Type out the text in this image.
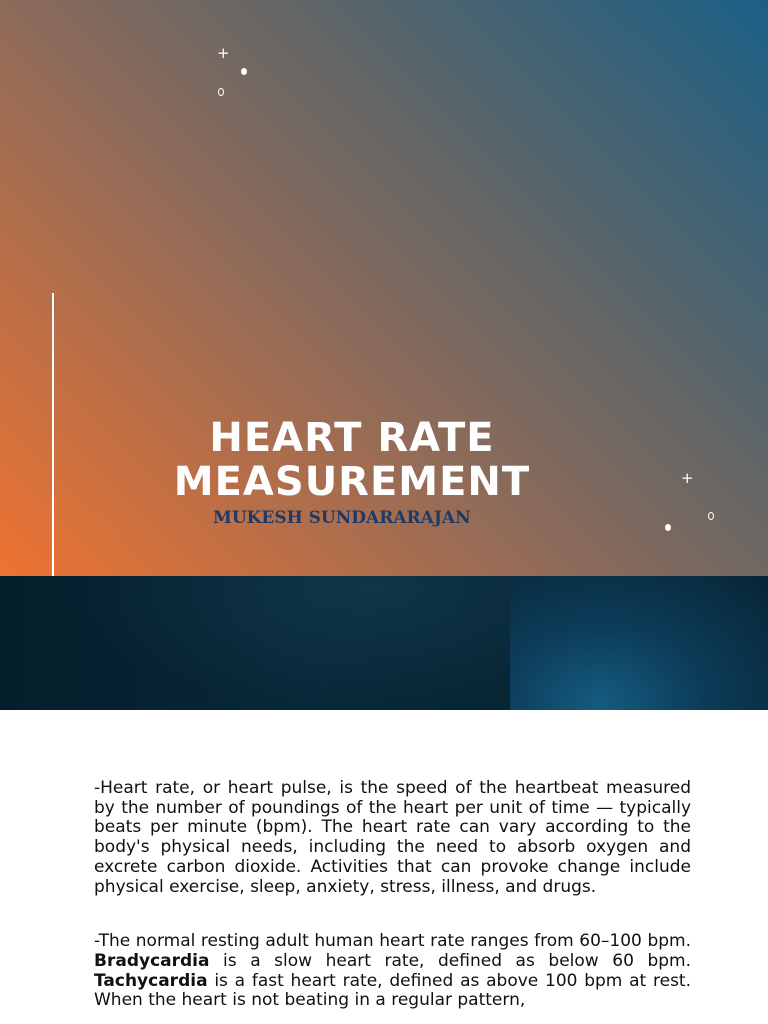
+
+
HEART RATE
MEASUREMENT

MUKESH SUNDARARAJAN

-Heart rate, or heart pulse, is the speed of the heartbeat measured by the number of poundings of the heart per unit of time — typically beats per minute (bpm). The heart rate can vary according to the body's physical needs, including the need to absorb oxygen and excrete carbon dioxide. Activities that can provoke change include physical exercise, sleep, anxiety, stress, illness, and drugs.

-The normal resting adult human heart rate ranges from 60–100 bpm. Bradycardia is a slow heart rate, defined as below 60 bpm. Tachycardia is a fast heart rate, defined as above 100 bpm at rest. When the heart is not beating in a regular pattern,
